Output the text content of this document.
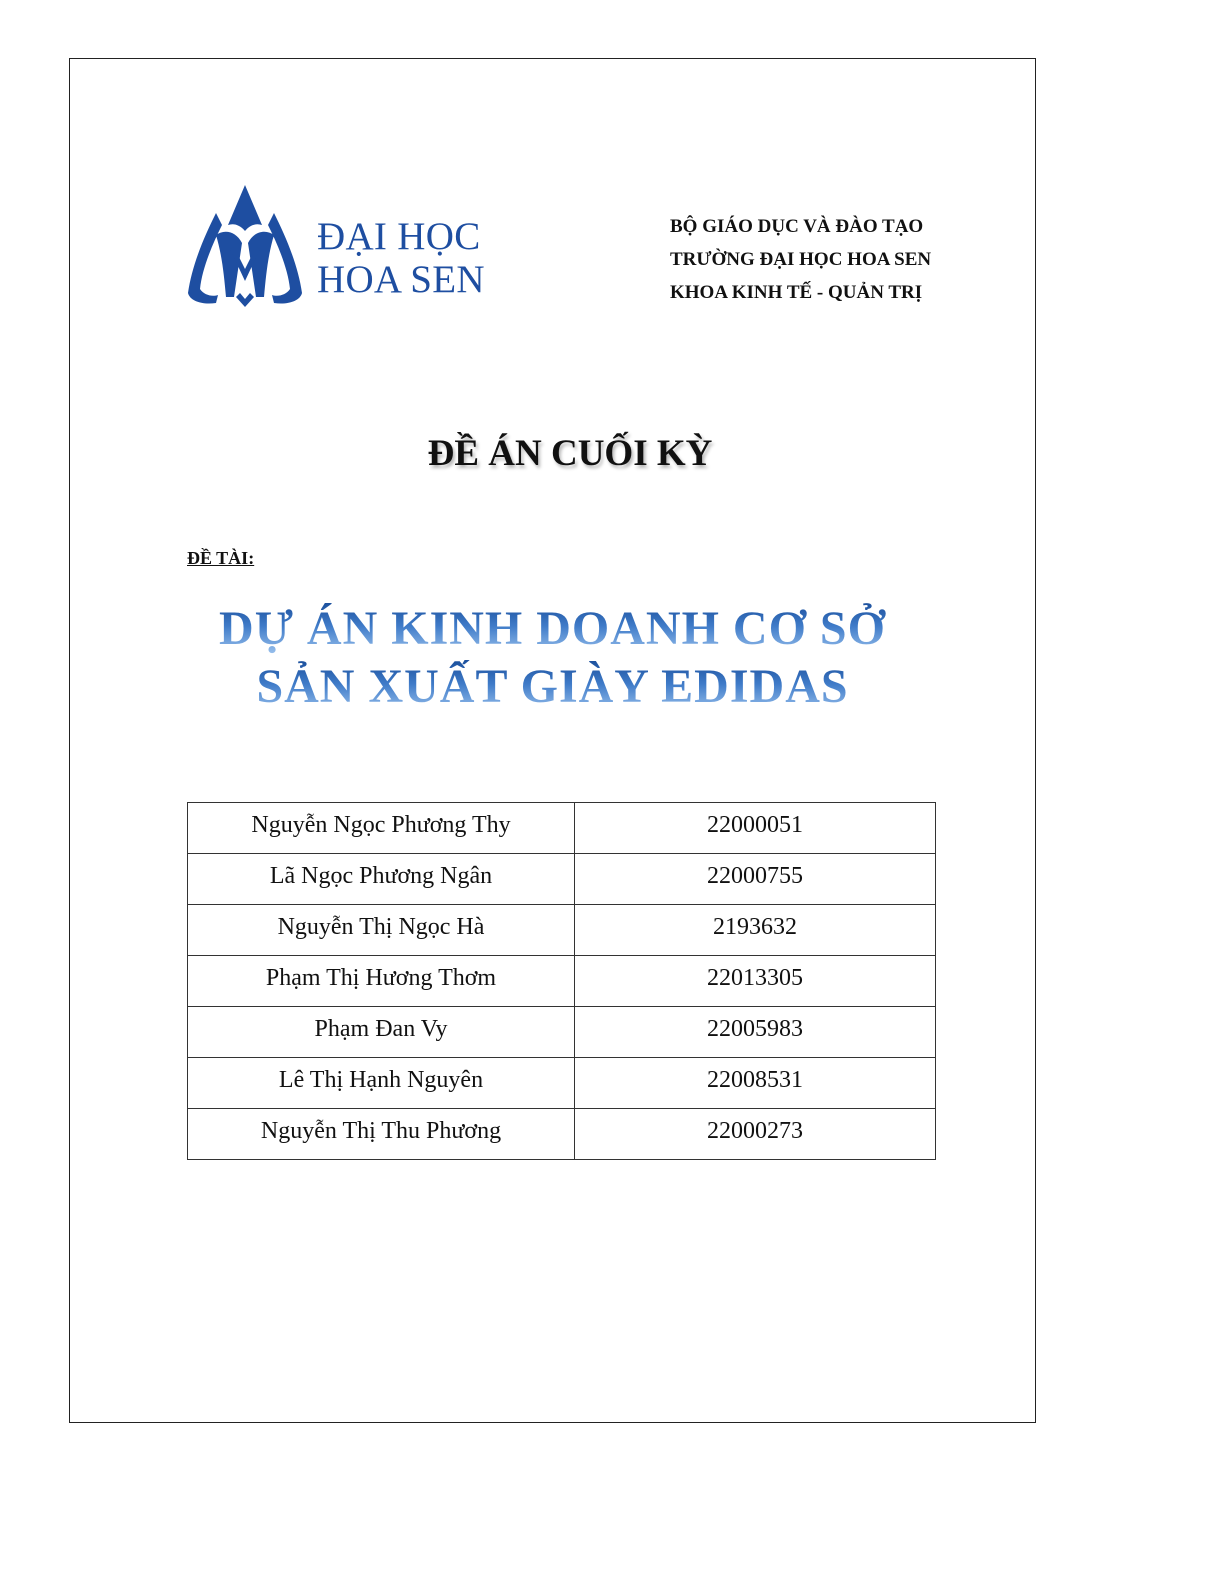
ĐẠI HỌC
HOA SEN
BỘ GIÁO DỤC VÀ ĐÀO TẠO
TRƯỜNG ĐẠI HỌC HOA SEN
KHOA KINH TẾ - QUẢN TRỊ
ĐỀ ÁN CUỐI KỲ
ĐỀ TÀI:
DỰ ÁN KINH DOANH CƠ SỞ
SẢN XUẤT GIÀY EDIDAS
Nguyễn Ngọc Phương Thy	22000051
Lã Ngọc Phương Ngân	22000755
Nguyễn Thị Ngọc Hà	2193632
Phạm Thị Hương Thơm	22013305
Phạm Đan Vy	22005983
Lê Thị Hạnh Nguyên	22008531
Nguyễn Thị Thu Phương	22000273
